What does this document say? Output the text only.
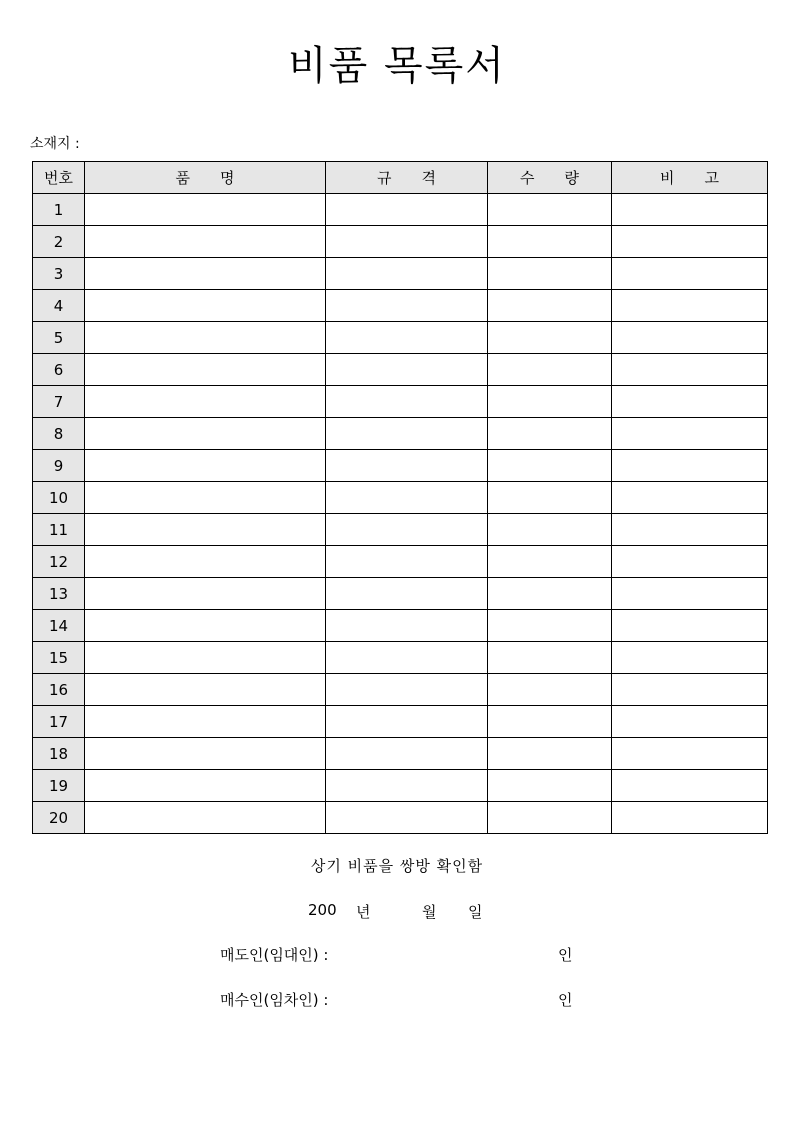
비품 목록서
소재지 :
번호	품　　명	규　　격	수　　량	비　　고
1				
2				
3				
4				
5				
6				
7				
8				
9				
10				
11				
12				
13				
14				
15				
16				
17				
18				
19				
20				
상기 비품을 쌍방 확인함
200 년	월 일
매도인(임대인) :	인
매수인(임차인) :	인
